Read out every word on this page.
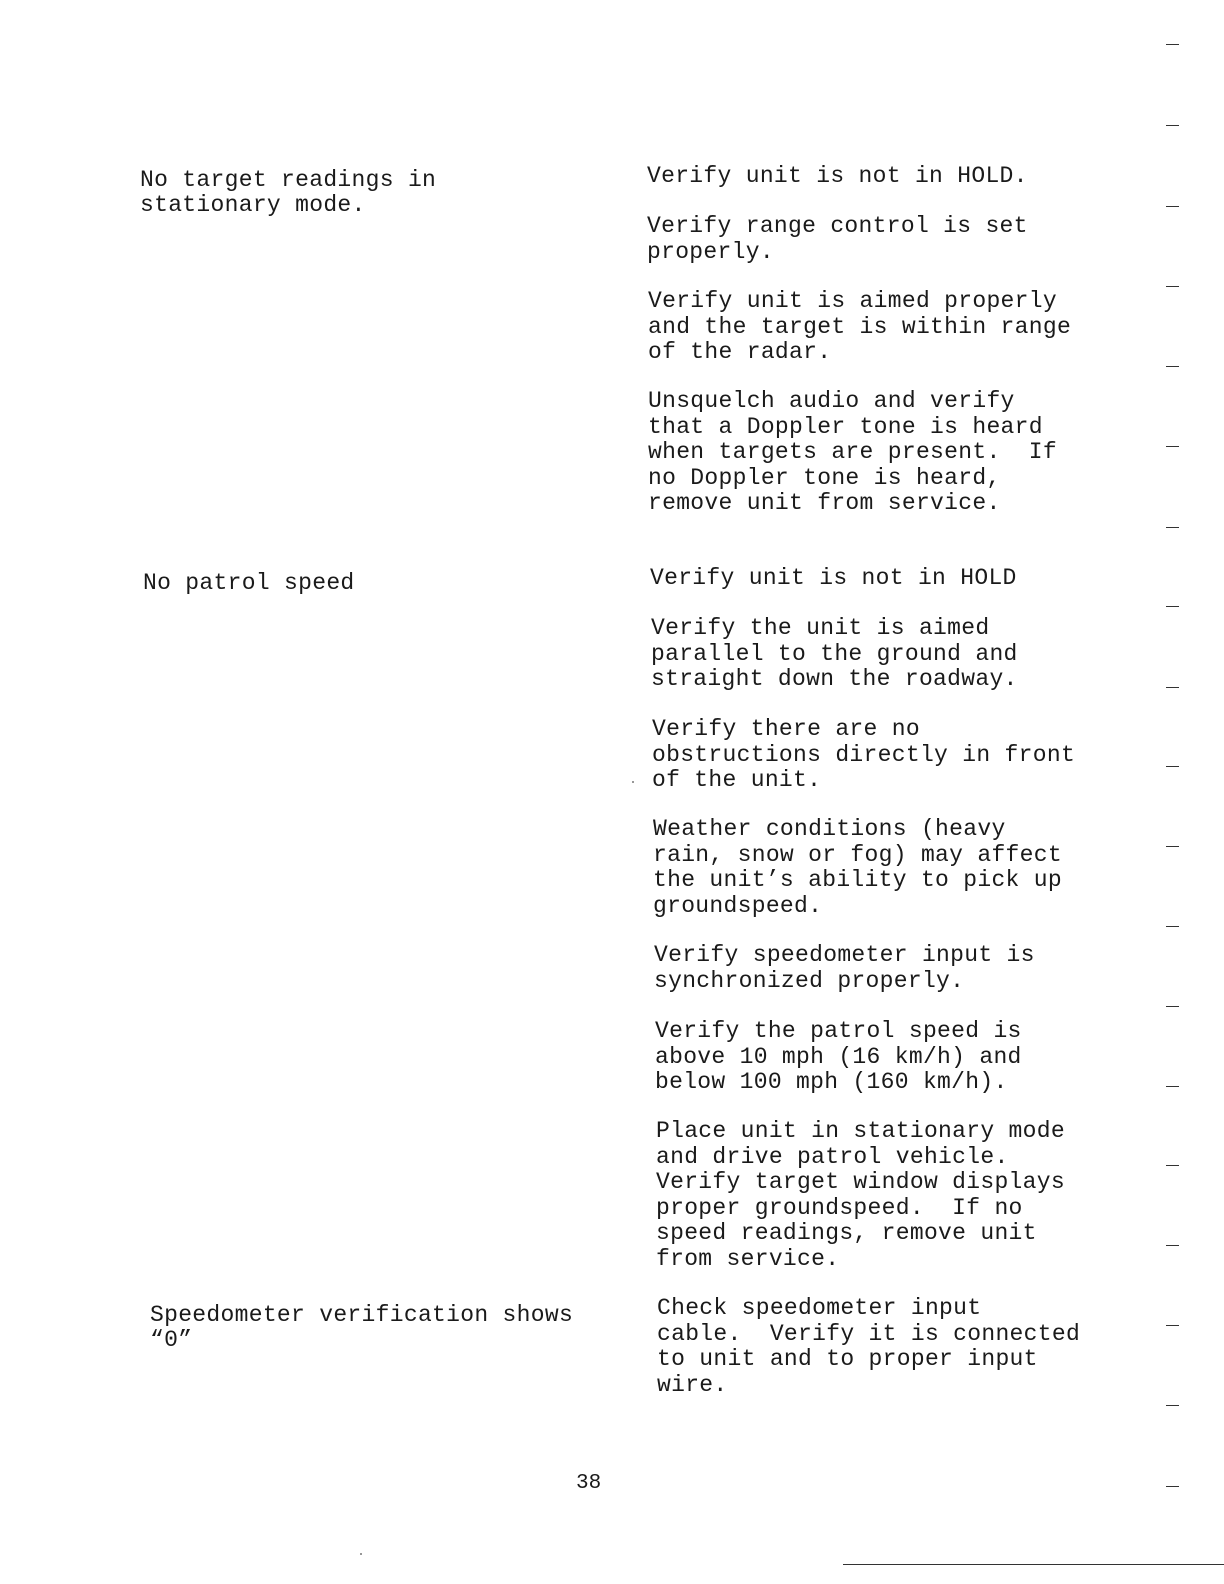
No target readings in
stationary mode.
Verify unit is not in HOLD.
Verify range control is set
properly.
Verify unit is aimed properly
and the target is within range
of the radar.
Unsquelch audio and verify
that a Doppler tone is heard
when targets are present.  If
no Doppler tone is heard,
remove unit from service.
No patrol speed	Verify unit is not in HOLD
Verify the unit is aimed
parallel to the ground and
straight down the roadway.
Verify there are no
obstructions directly in front
of the unit.
Weather conditions (heavy
rain, snow or fog) may affect
the unit’s ability to pick up
groundspeed.
Verify speedometer input is
synchronized properly.
Verify the patrol speed is
above 10 mph (16 km/h) and
below 100 mph (160 km/h).
Place unit in stationary mode
and drive patrol vehicle.
Verify target window displays
proper groundspeed.  If no
speed readings, remove unit
from service.
Speedometer verification shows
“0”
Check speedometer input
cable.  Verify it is connected
to unit and to proper input
wire.
38
